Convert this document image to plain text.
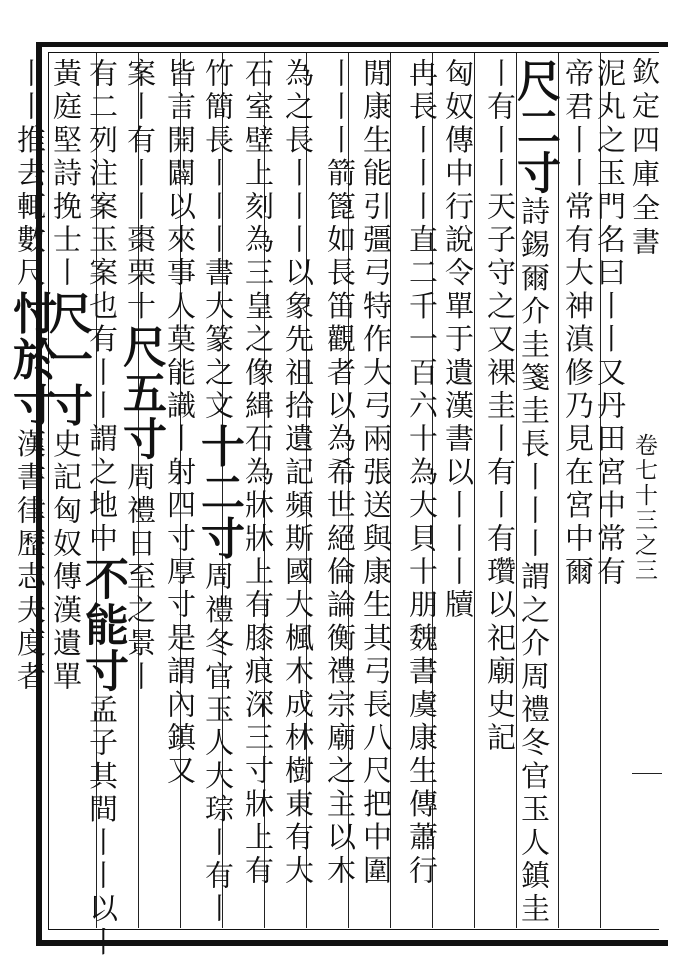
欽定四庫全書
卷七十三之三
泥丸之玉門名曰丨丨又丹田宮中常有
帝君丨丨常有大神滇修乃見在宮中爾
尺二寸詩錫爾介圭箋圭長丨丨丨謂之介周禮冬官玉人鎮圭
丨有丨丨天子守之又裸圭丨有丨有瓚以祀廟史記
匈奴傳中行說令單于遺漢書以丨丨丨牘
冉長丨丨丨直二千一百六十為大貝十朋魏書虞康生傳蕭行
閒康生能引彊弓特作大弓兩張送與康生其弓長八尺把中圍
丨丨丨箭篦如長笛觀者以為希世絕倫論衡禮宗廟之主以木
為之長丨丨丨以象先祖拾遺記頻斯國大楓木成林樹東有大
石室壁上刻為三皇之像緝石為牀牀上有膝痕深三寸牀上有
竹簡長丨丨丨書大篆之文十二寸周禮冬官玉人大琮丨有丨
皆言開闢以來事人莫能識丨射四寸厚寸是謂內鎮又
案丨有丨丨棗栗十尺五寸周禮日至之景丨
有二列注案玉案也有丨丨謂之地中不能寸孟子其間丨丨以丨
黃庭堅詩挽士丨尺一寸史記匈奴傳漢遺單
丨丨推去輒數尺忖於寸漢書律歷志夫度者
